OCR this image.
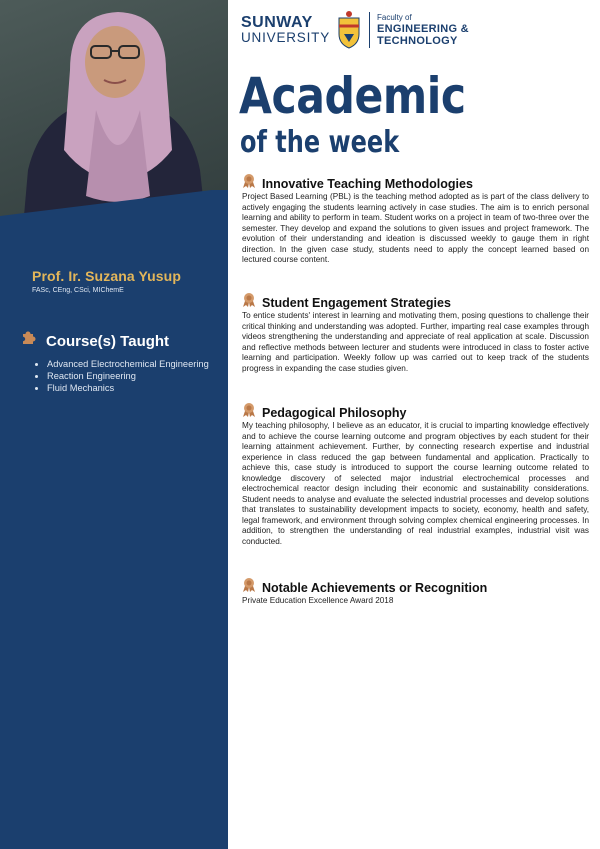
Prof. Ir. Suzana Yusup
FASc, CEng, CSci, MIChemE
Course(s) Taught
• Advanced Electrochemical Engineering
• Reaction Engineering
• Fluid Mechanics
SUNWAY
UNIVERSITY
Faculty of
ENGINEERING &
TECHNOLOGY
Academic
of the week
Innovative Teaching Methodologies

Project Based Learning (PBL) is the teaching method adopted as is part of the class delivery to actively engaging the students learning actively in case studies. The aim is to enrich personal learning and ability to perform in team. Student works on a project in team of two-three over the semester. They develop and expand the solutions to given issues and project framework. The evolution of their understanding and ideation is discussed weekly to gauge them in right direction. In the given case study, students need to apply the concept learned based on lectured course content.

Student Engagement Strategies

To entice students' interest in learning and motivating them, posing questions to challenge their critical thinking and understanding was adopted. Further, imparting real case examples through videos strengthening the understanding and appreciate of real application at scale. Discussion and reflective methods between lecturer and students were introduced in class to foster active learning and participation. Weekly follow up was carried out to keep track of the students progress in expanding the case studies given.

Pedagogical Philosophy

My teaching philosophy, I believe as an educator, it is crucial to imparting knowledge effectively and to achieve the course learning outcome and program objectives by each student for their learning attainment achievement. Further, by connecting research expertise and industrial experience in class reduced the gap between fundamental and application. Practically to achieve this, case study is introduced to support the course learning outcome related to knowledge discovery of selected major industrial electrochemical processes and electrochemical reactor design including their economic and sustainability considerations. Student needs to analyse and evaluate the selected industrial processes and develop solutions that translates to sustainability development impacts to society, economy, health and safety, legal framework, and environment through solving complex chemical engineering processes. In addition, to strengthen the understanding of real industrial examples, industrial visit was conducted.

Notable Achievements or Recognition

Private Education Excellence Award 2018
